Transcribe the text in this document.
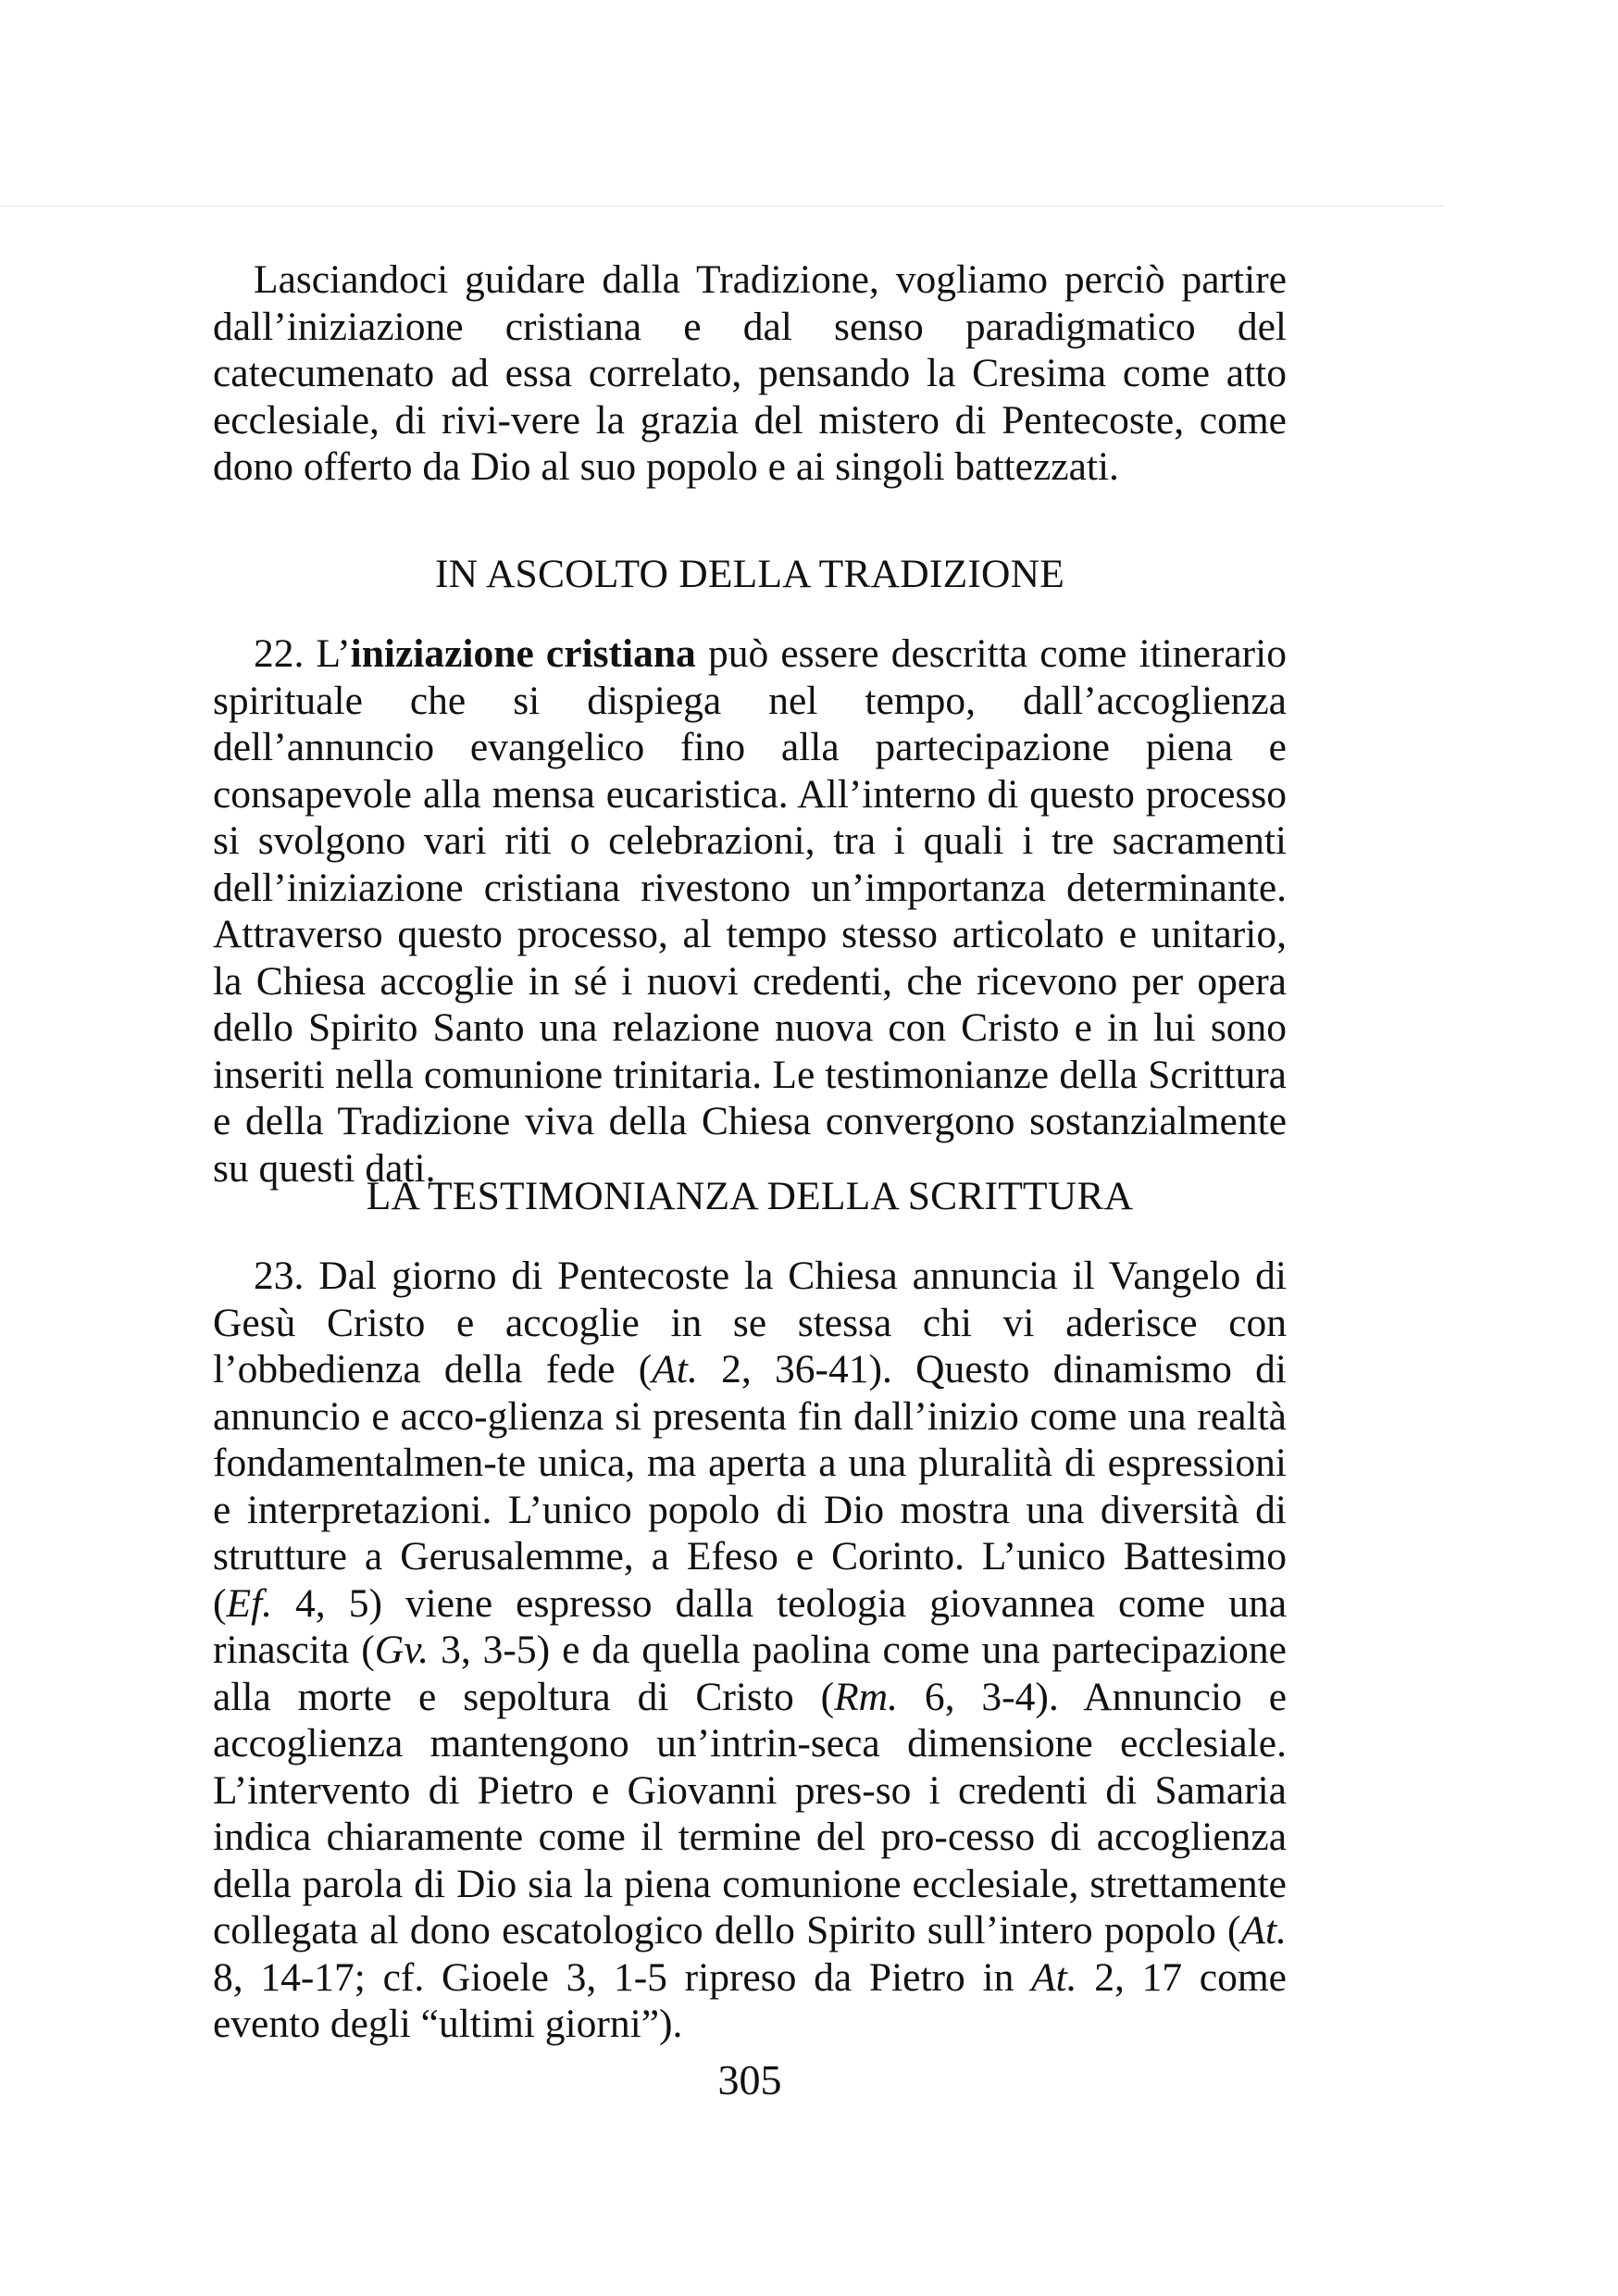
Lasciandoci guidare dalla Tradizione, vogliamo perciò partire dall’iniziazione cristiana e dal senso paradigmatico del catecumenato ad essa correlato, pensando la Cresima come atto ecclesiale, di rivi-vere la grazia del mistero di Pentecoste, come dono offerto da Dio al suo popolo e ai singoli battezzati.

IN ASCOLTO DELLA TRADIZIONE

22. L’iniziazione cristiana può essere descritta come itinerario spirituale che si dispiega nel tempo, dall’accoglienza dell’annuncio evangelico fino alla partecipazione piena e consapevole alla mensa eucaristica. All’interno di questo processo si svolgono vari riti o celebrazioni, tra i quali i tre sacramenti dell’iniziazione cristiana rivestono un’importanza determinante. Attraverso questo processo, al tempo stesso articolato e unitario, la Chiesa accoglie in sé i nuovi credenti, che ricevono per opera dello Spirito Santo una relazione nuova con Cristo e in lui sono inseriti nella comunione trinitaria. Le testimonianze della Scrittura e della Tradizione viva della Chiesa convergono sostanzialmente su questi dati.

LA TESTIMONIANZA DELLA SCRITTURA

23. Dal giorno di Pentecoste la Chiesa annuncia il Vangelo di Gesù Cristo e accoglie in se stessa chi vi aderisce con l’obbedienza della fede (At. 2, 36-41). Questo dinamismo di annuncio e acco-glienza si presenta fin dall’inizio come una realtà fondamentalmen-te unica, ma aperta a una pluralità di espressioni e interpretazioni. L’unico popolo di Dio mostra una diversità di strutture a Gerusalemme, a Efeso e Corinto. L’unico Battesimo (Ef. 4, 5) viene espresso dalla teologia giovannea come una rinascita (Gv. 3, 3-5) e da quella paolina come una partecipazione alla morte e sepoltura di Cristo (Rm. 6, 3-4). Annuncio e accoglienza mantengono un’intrin-seca dimensione ecclesiale. L’intervento di Pietro e Giovanni pres-so i credenti di Samaria indica chiaramente come il termine del pro-cesso di accoglienza della parola di Dio sia la piena comunione ecclesiale, strettamente collegata al dono escatologico dello Spirito sull’intero popolo (At. 8, 14-17; cf. Gioele 3, 1-5 ripreso da Pietro in At. 2, 17 come evento degli “ultimi giorni”).

305
